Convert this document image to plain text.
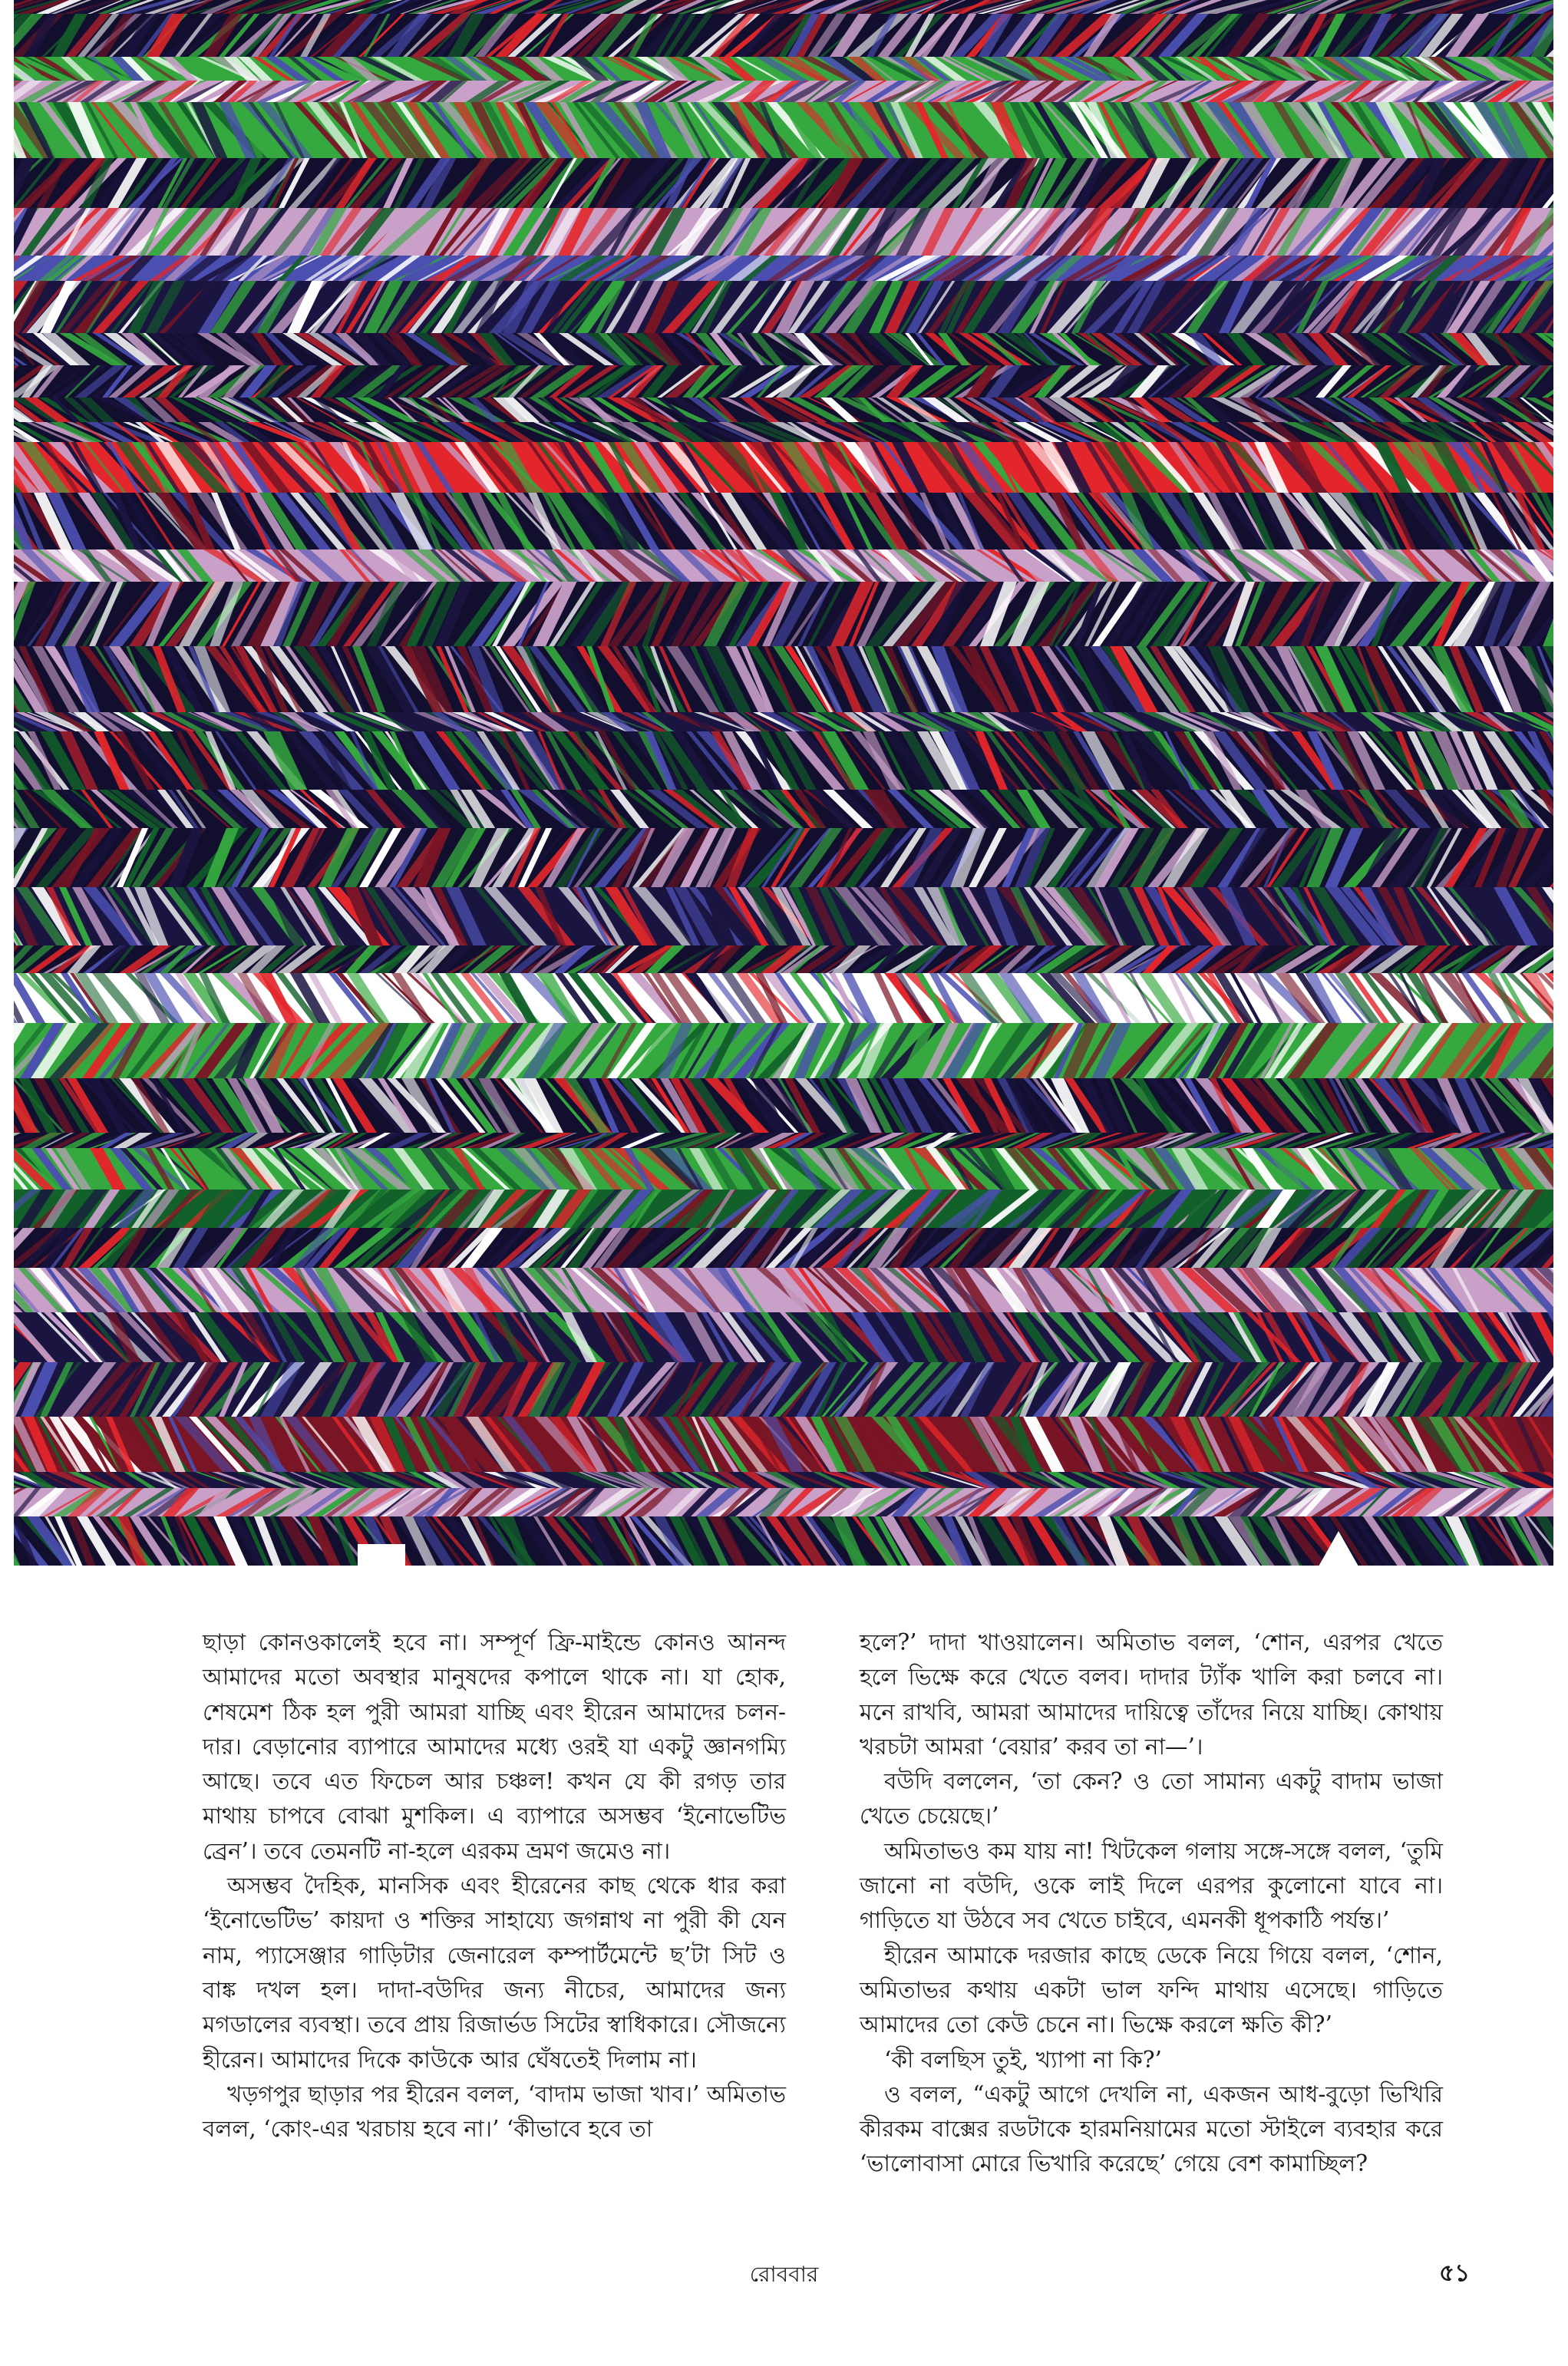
ছাড়া কোনওকালেই হবে না। সম্পূর্ণ ফ্রি-মাইন্ডে কোনও আনন্দ আমাদের মতো অবস্থার মানুষদের কপালে থাকে না। যা হোক, শেষমেশ ঠিক হল পুরী আমরা যাচ্ছি এবং হীরেন আমাদের চলন-দার। বেড়ানোর ব্যাপারে আমাদের মধ্যে ওরই যা একটু জ্ঞানগম্যি আছে। তবে এত ফিচেল আর চঞ্চল! কখন যে কী রগড় তার মাথায় চাপবে বোঝা মুশকিল। এ ব্যাপারে অসম্ভব ‘ইনোভেটিভ ব্রেন’। তবে তেমনটি না-হলে এরকম ভ্রমণ জমেও না।

অসম্ভব দৈহিক, মানসিক এবং হীরেনের কাছ থেকে ধার করা ‘ইনোভেটিভ’ কায়দা ও শক্তির সাহায্যে জগন্নাথ না পুরী কী যেন নাম, প্যাসেঞ্জার গাড়িটার জেনারেল কম্পার্টমেন্টে ছ’টা সিট ও বাঙ্ক দখল হল। দাদা-বউদির জন্য নীচের, আমাদের জন্য মগডালের ব্যবস্থা। তবে প্রায় রিজার্ভড সিটের স্বাধিকারে। সৌজন্যে হীরেন। আমাদের দিকে কাউকে আর ঘেঁষতেই দিলাম না।

খড়গপুর ছাড়ার পর হীরেন বলল, ‘বাদাম ভাজা খাব।’ অমিতাভ বলল, ‘কোং-এর খরচায় হবে না।’ ‘কীভাবে হবে তা

হলে?’ দাদা খাওয়ালেন। অমিতাভ বলল, ‘শোন, এরপর খেতে হলে ভিক্ষে করে খেতে বলব। দাদার ট্যাঁক খালি করা চলবে না। মনে রাখবি, আমরা আমাদের দায়িত্বে তাঁদের নিয়ে যাচ্ছি। কোথায় খরচটা আমরা ‘বেয়ার’ করব তা না—’।

বউদি বললেন, ‘তা কেন? ও তো সামান্য একটু বাদাম ভাজা খেতে চেয়েছে।’

অমিতাভও কম যায় না! খিটকেল গলায় সঙ্গে-সঙ্গে বলল, ‘তুমি জানো না বউদি, ওকে লাই দিলে এরপর কুলোনো যাবে না। গাড়িতে যা উঠবে সব খেতে চাইবে, এমনকী ধূপকাঠি পর্যন্ত।’

হীরেন আমাকে দরজার কাছে ডেকে নিয়ে গিয়ে বলল, ‘শোন, অমিতাভর কথায় একটা ভাল ফন্দি মাথায় এসেছে। গাড়িতে আমাদের তো কেউ চেনে না। ভিক্ষে করলে ক্ষতি কী?’

‘কী বলছিস তুই, খ্যাপা না কি?’

ও বলল, “একটু আগে দেখলি না, একজন আধ-বুড়ো ভিখিরি কীরকম বাক্সের রডটাকে হারমনিয়ামের মতো স্টাইলে ব্যবহার করে ‘ভালোবাসা মোরে ভিখারি করেছে’ গেয়ে বেশ কামাচ্ছিল?

রোববার	৫১
